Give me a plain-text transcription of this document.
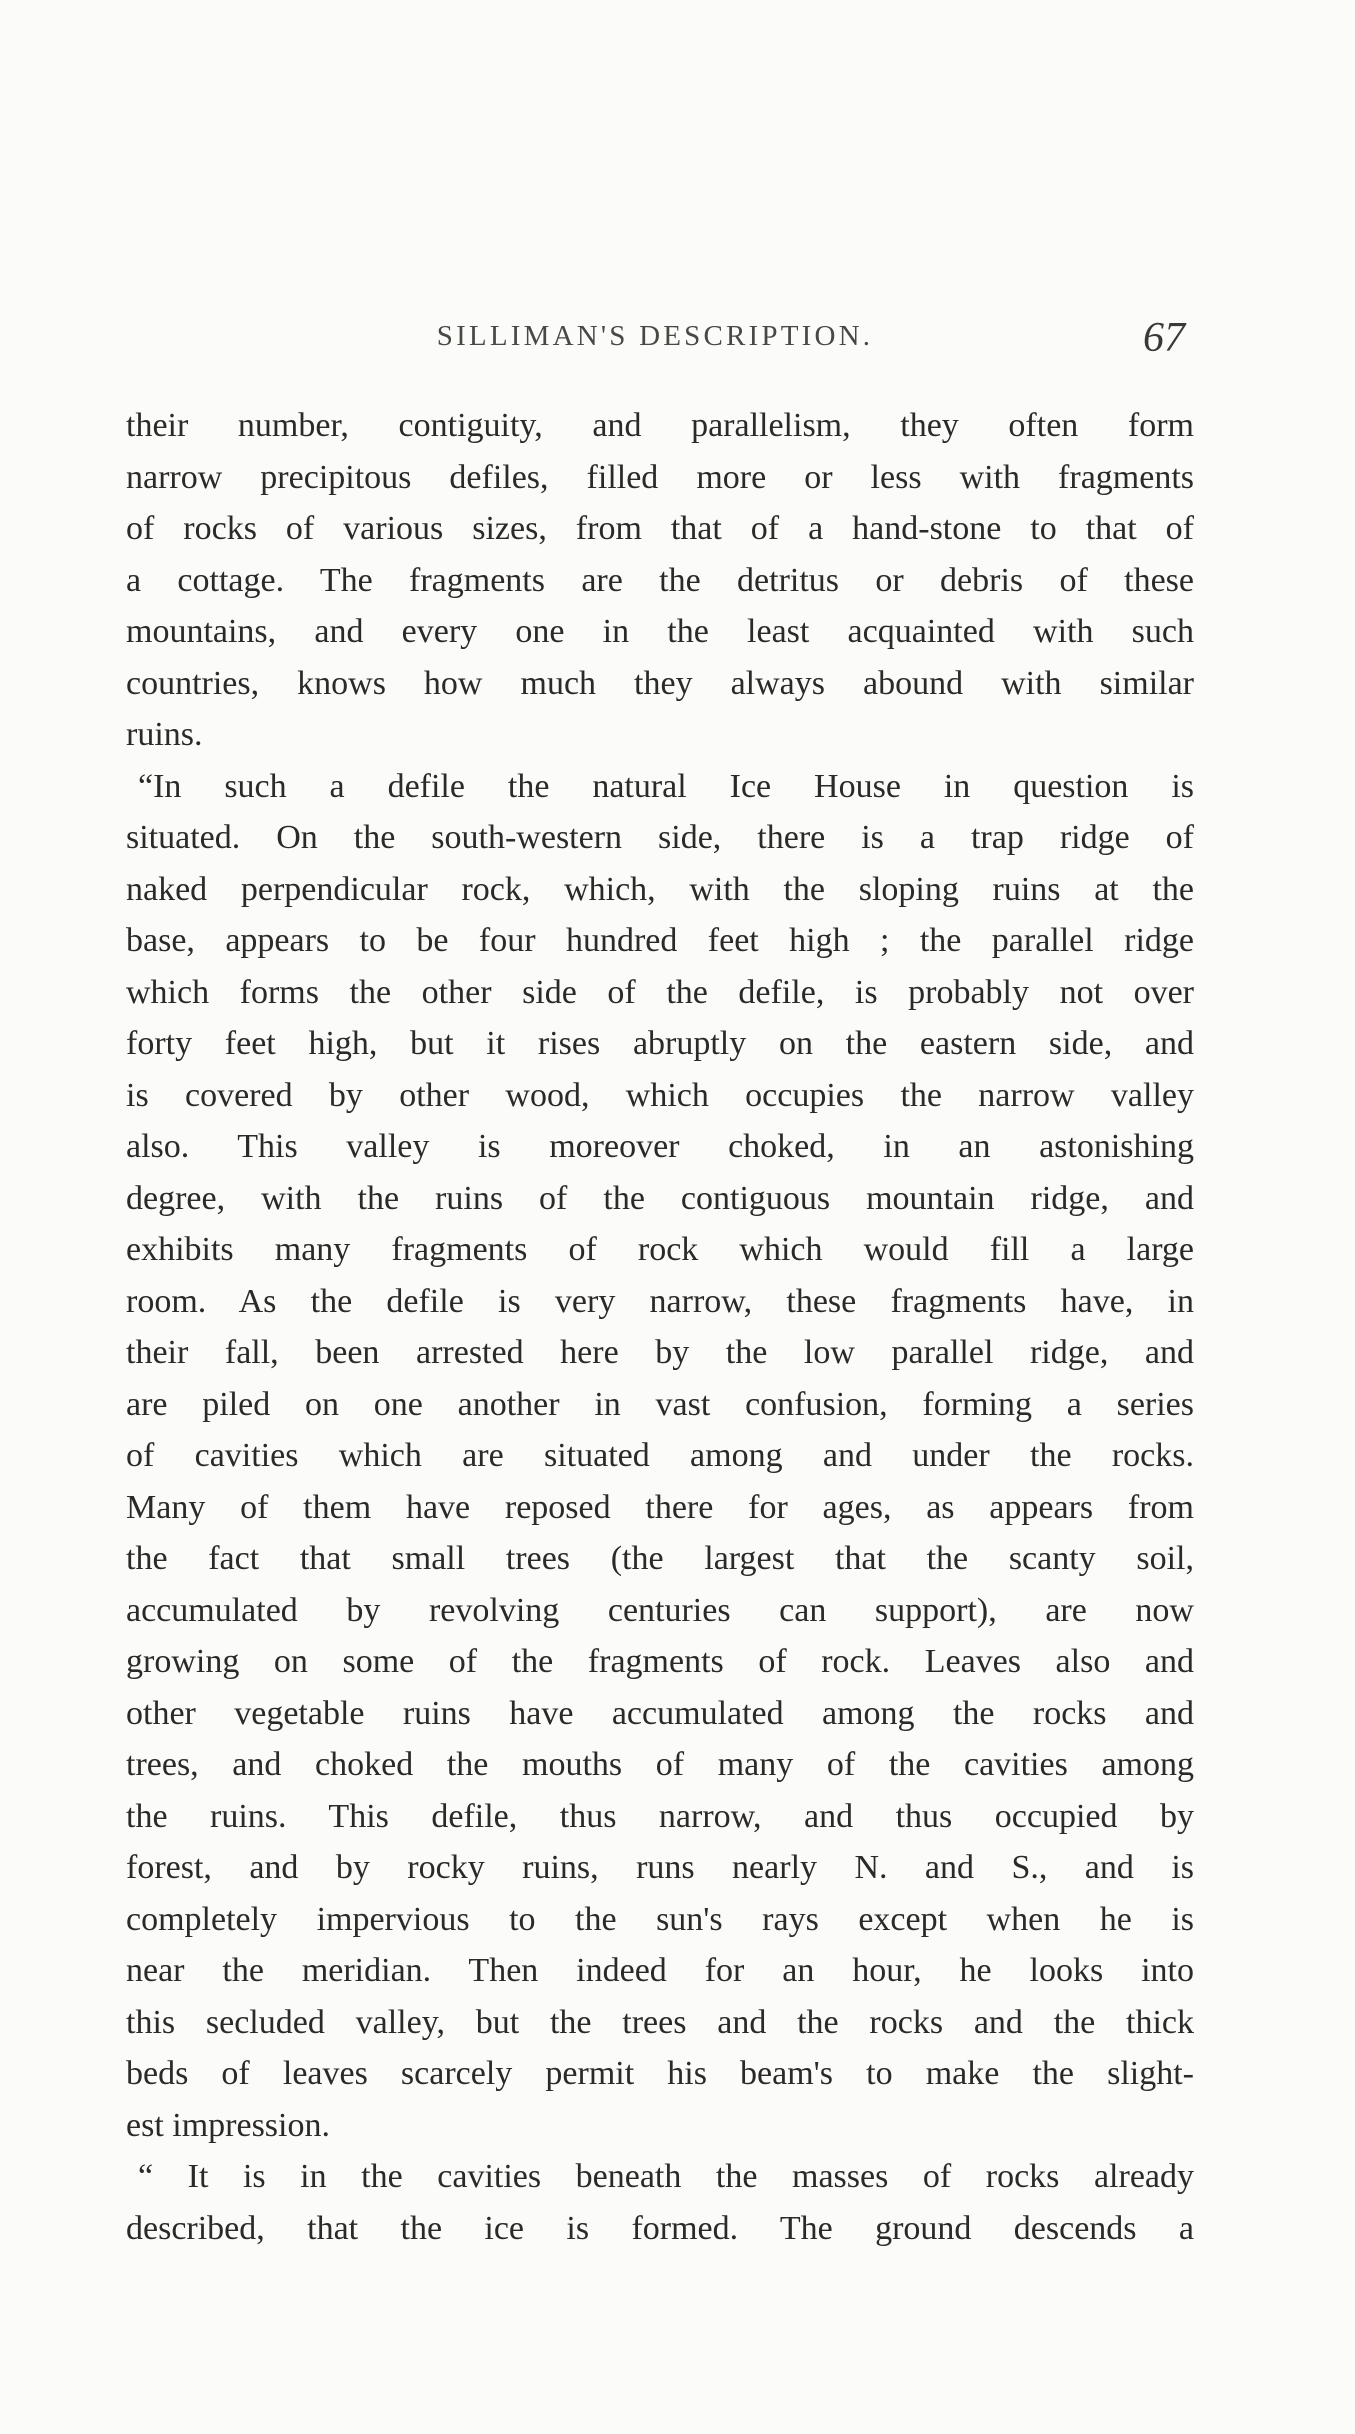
SILLIMAN'S DESCRIPTION.	67
their number, contiguity, and parallelism, they often form
narrow precipitous defiles, filled more or less with fragments
of rocks of various sizes, from that of a hand-stone to that of
a cottage. The fragments are the detritus or debris of these
mountains, and every one in the least acquainted with such
countries, knows how much they always abound with similar
ruins.
“In such a defile the natural Ice House in question is
situated. On the south-western side, there is a trap ridge of
naked perpendicular rock, which, with the sloping ruins at the
base, appears to be four hundred feet high ; the parallel ridge
which forms the other side of the defile, is probably not over
forty feet high, but it rises abruptly on the eastern side, and
is covered by other wood, which occupies the narrow valley
also. This valley is moreover choked, in an astonishing
degree, with the ruins of the contiguous mountain ridge, and
exhibits many fragments of rock which would fill a large
room. As the defile is very narrow, these fragments have, in
their fall, been arrested here by the low parallel ridge, and
are piled on one another in vast confusion, forming a series
of cavities which are situated among and under the rocks.
Many of them have reposed there for ages, as appears from
the fact that small trees (the largest that the scanty soil,
accumulated by revolving centuries can support), are now
growing on some of the fragments of rock. Leaves also and
other vegetable ruins have accumulated among the rocks and
trees, and choked the mouths of many of the cavities among
the ruins. This defile, thus narrow, and thus occupied by
forest, and by rocky ruins, runs nearly N. and S., and is
completely impervious to the sun's rays except when he is
near the meridian. Then indeed for an hour, he looks into
this secluded valley, but the trees and the rocks and the thick
beds of leaves scarcely permit his beam's to make the slight-
est impression.
“ It is in the cavities beneath the masses of rocks already
described, that the ice is formed. The ground descends a
